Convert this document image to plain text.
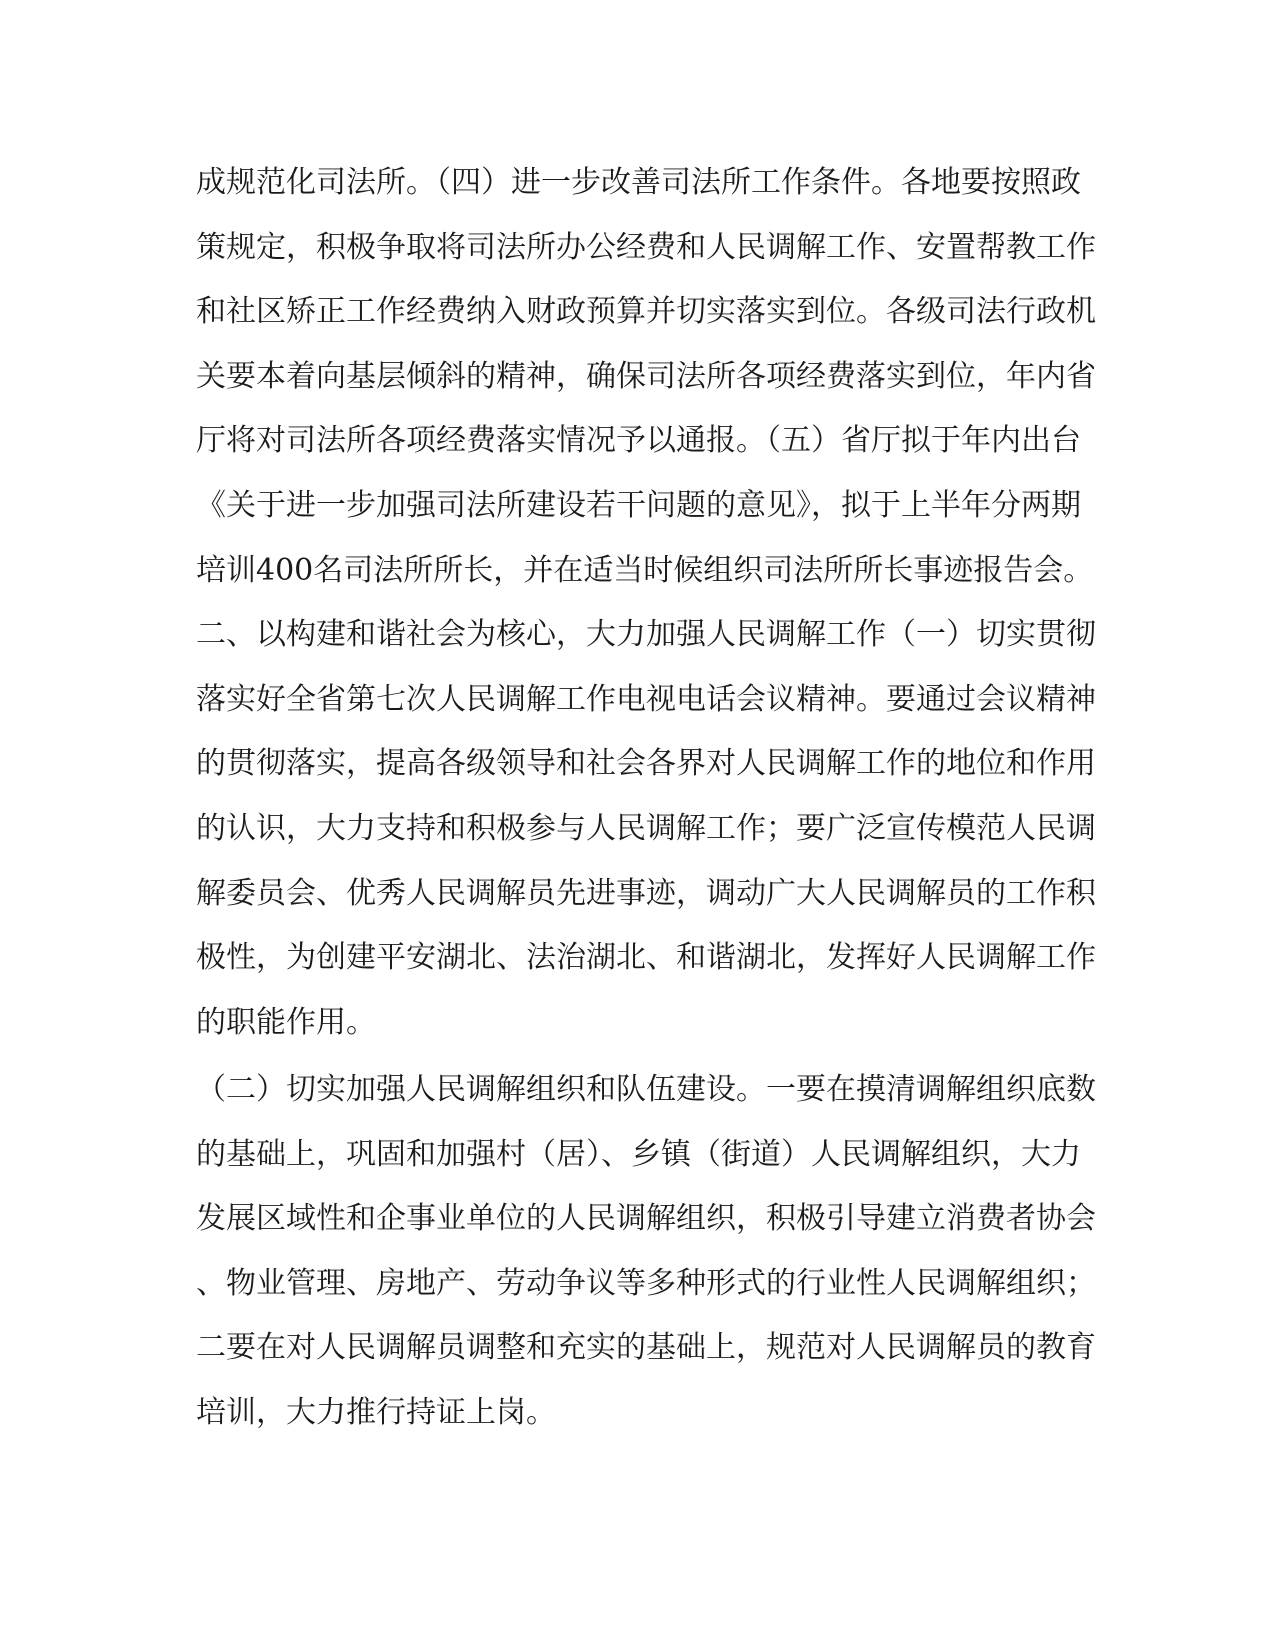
成规范化司法所。（四）进一步改善司法所工作条件。各地要按照政
策规定，积极争取将司法所办公经费和人民调解工作、安置帮教工作
和社区矫正工作经费纳入财政预算并切实落实到位。各级司法行政机
关要本着向基层倾斜的精神，确保司法所各项经费落实到位，年内省
厅将对司法所各项经费落实情况予以通报。（五）省厅拟于年内出台
《关于进一步加强司法所建设若干问题的意见》，拟于上半年分两期
培训400名司法所所长，并在适当时候组织司法所所长事迹报告会。
二、以构建和谐社会为核心，大力加强人民调解工作（一）切实贯彻
落实好全省第七次人民调解工作电视电话会议精神。要通过会议精神
的贯彻落实，提高各级领导和社会各界对人民调解工作的地位和作用
的认识，大力支持和积极参与人民调解工作；要广泛宣传模范人民调
解委员会、优秀人民调解员先进事迹，调动广大人民调解员的工作积
极性，为创建平安湖北、法治湖北、和谐湖北，发挥好人民调解工作
的职能作用。
（二）切实加强人民调解组织和队伍建设。一要在摸清调解组织底数
的基础上，巩固和加强村（居）、乡镇（街道）人民调解组织，大力
发展区域性和企事业单位的人民调解组织，积极引导建立消费者协会
、物业管理、房地产、劳动争议等多种形式的行业性人民调解组织；
二要在对人民调解员调整和充实的基础上，规范对人民调解员的教育
培训，大力推行持证上岗。
